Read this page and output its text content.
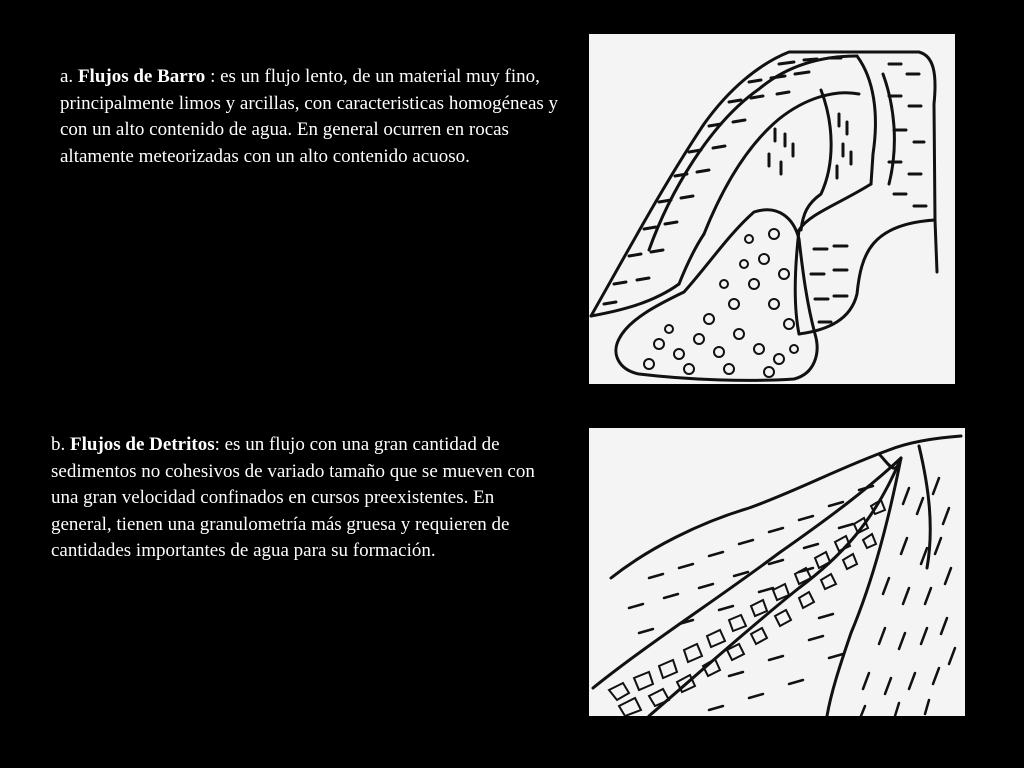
a. Flujos de Barro : es un flujo lento, de un material muy fino, principalmente limos y arcillas, con caracteristicas homogéneas y con un alto contenido de agua. En general ocurren en rocas altamente meteorizadas con un alto contenido acuoso.

b. Flujos de Detritos: es un flujo con una gran cantidad de sedimentos no cohesivos de variado tamaño que se mueven con una gran velocidad confinados en cursos preexistentes. En general, tienen una granulometría más gruesa y requieren de cantidades importantes de agua para su formación.
